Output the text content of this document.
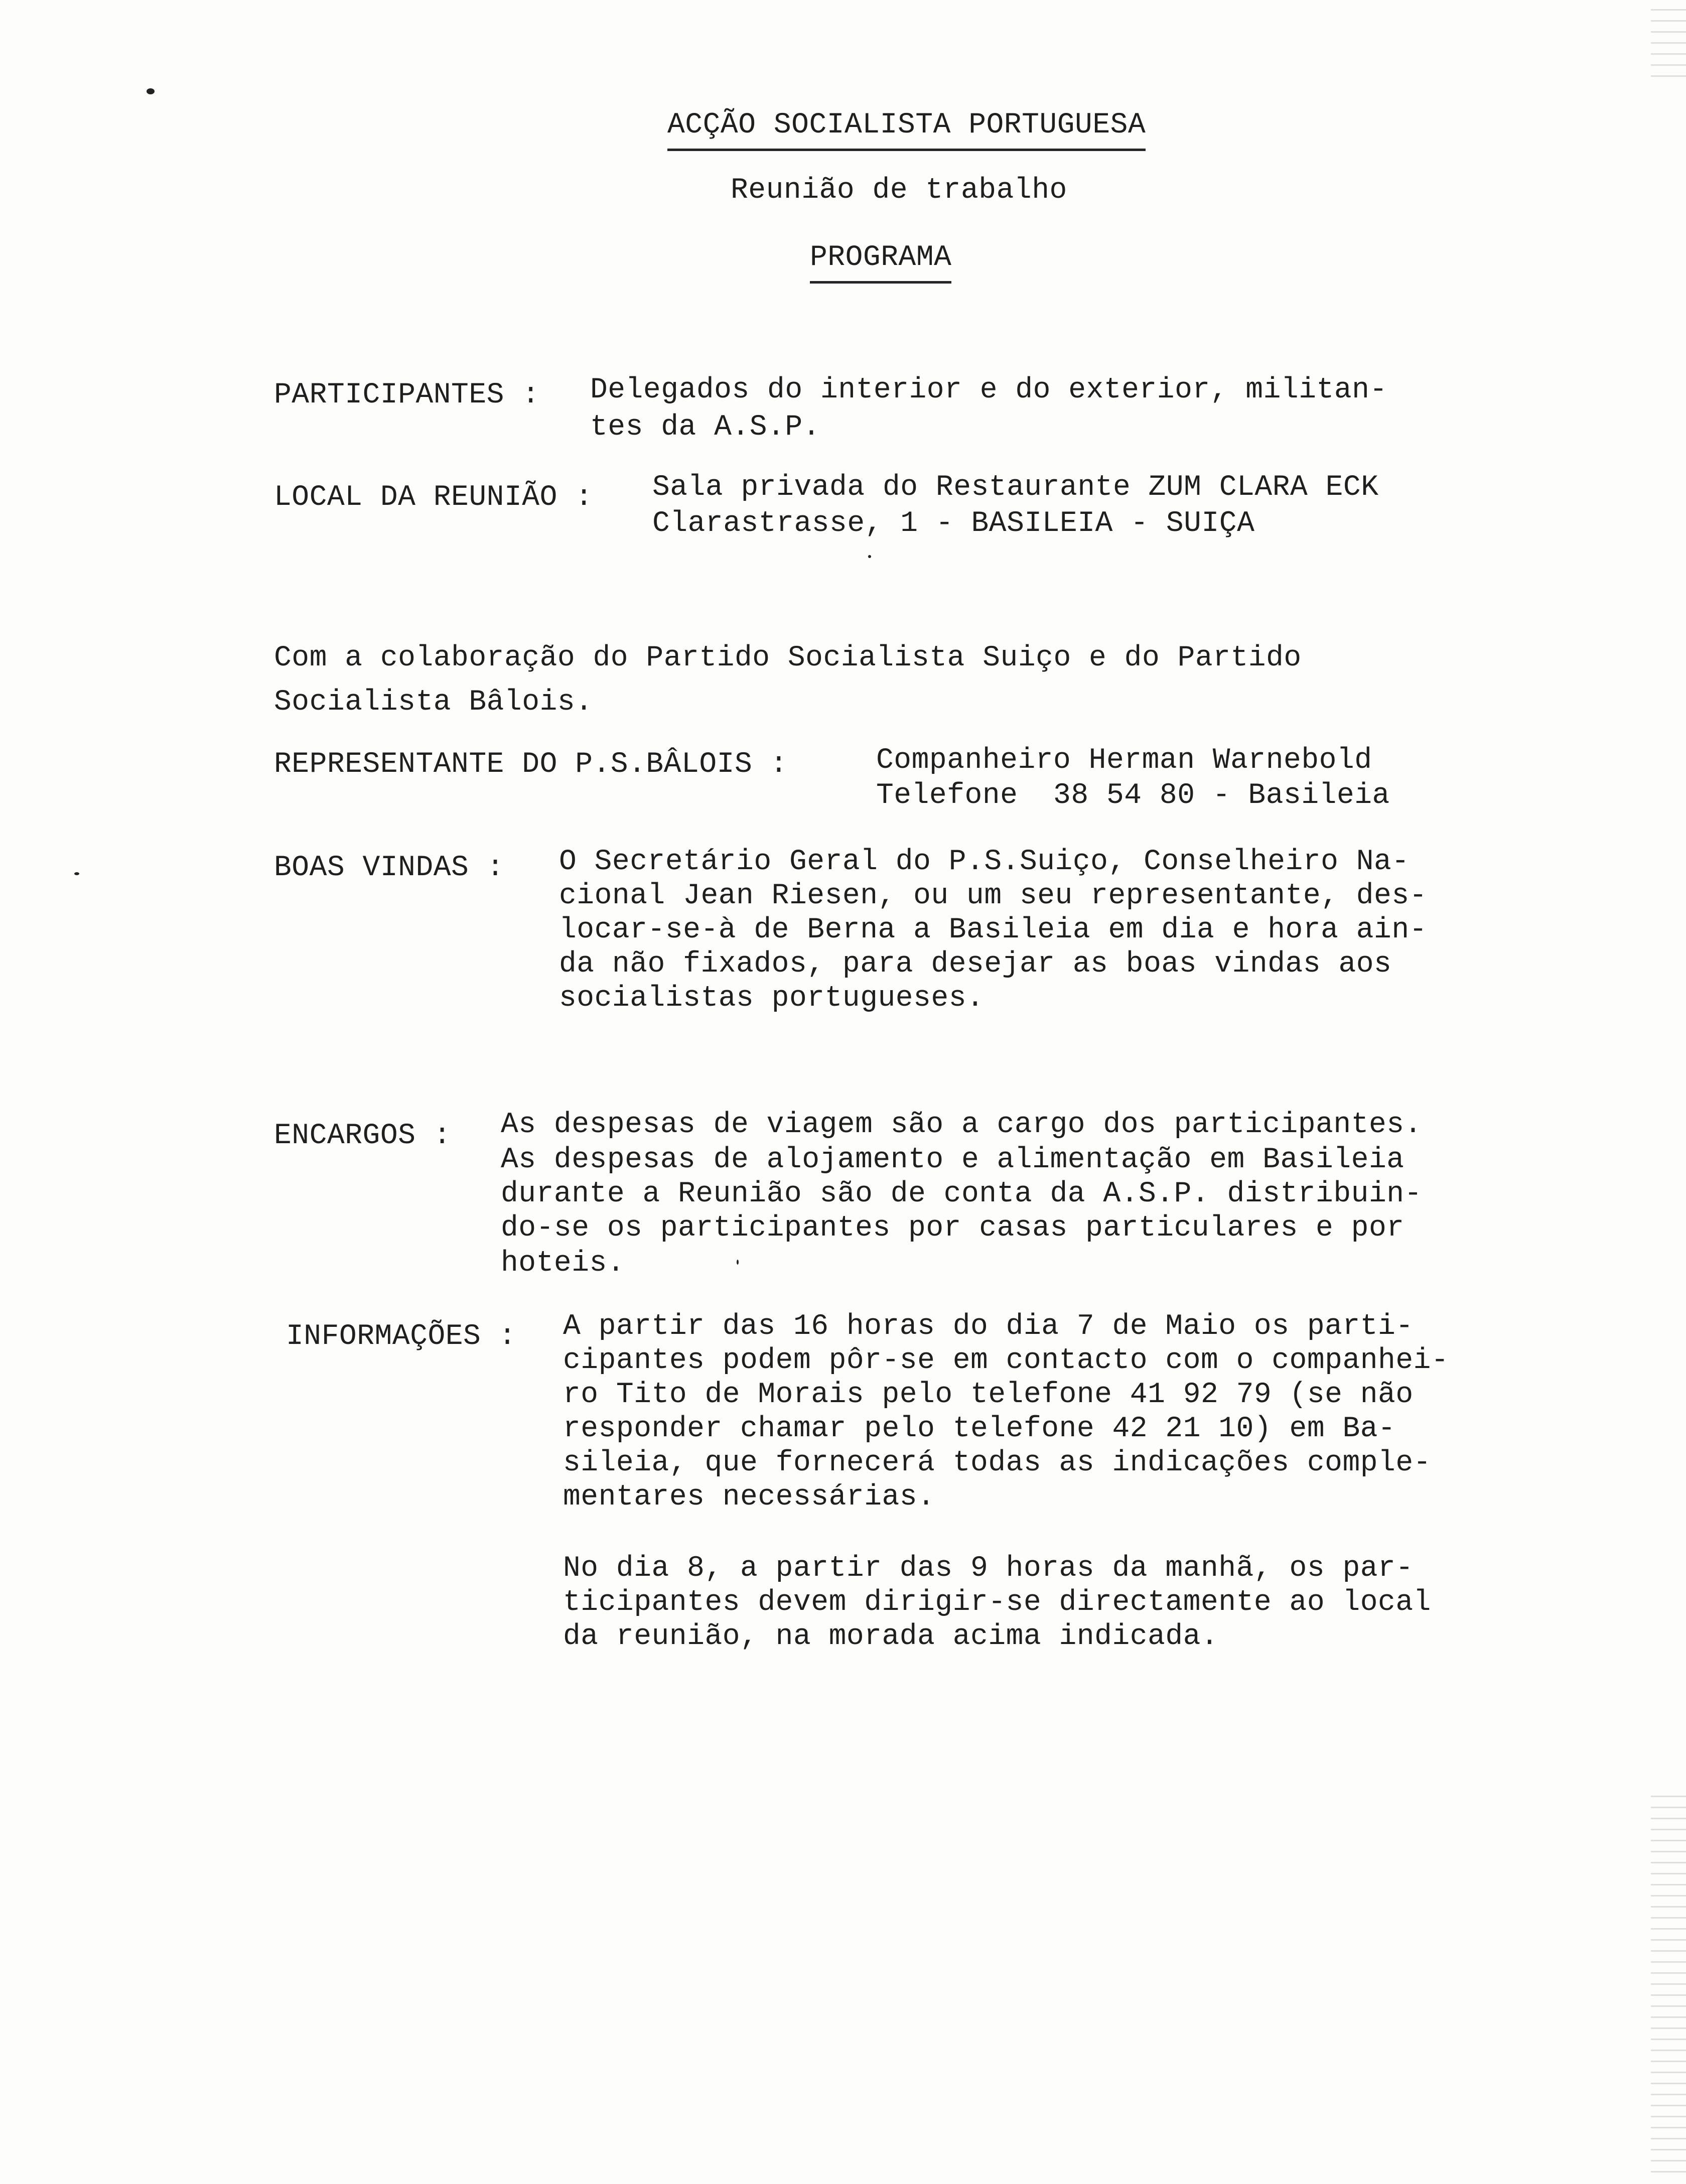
ACÇÃO SOCIALISTA PORTUGUESA
Reunião de trabalho
PROGRAMA
PARTICIPANTES : Delegados do interior e do exterior, militan-
tes da A.S.P.
LOCAL DA REUNIÃO : Sala privada do Restaurante ZUM CLARA ECK
Clarastrasse, 1 - BASILEIA - SUIÇA
Com a colaboração do Partido Socialista Suiço e do Partido
Socialista Bâlois.
REPRESENTANTE DO P.S.BÂLOIS :	Companheiro Herman Warnebold
Telefone  38 54 80 - Basileia
BOAS VINDAS : O Secretário Geral do P.S.Suiço, Conselheiro Na-
cional Jean Riesen, ou um seu representante, des-
locar-se-à de Berna a Basileia em dia e hora ain-
da não fixados, para desejar as boas vindas aos
socialistas portugueses.
ENCARGOS : As despesas de viagem são a cargo dos participantes.
As despesas de alojamento e alimentação em Basileia
durante a Reunião são de conta da A.S.P. distribuin-
do-se os participantes por casas particulares e por
hoteis.
INFORMAÇÕES : A partir das 16 horas do dia 7 de Maio os parti-
cipantes podem pôr-se em contacto com o companhei-
ro Tito de Morais pelo telefone 41 92 79 (se não
responder chamar pelo telefone 42 21 10) em Ba-
sileia, que fornecerá todas as indicações comple-
mentares necessárias.
No dia 8, a partir das 9 horas da manhã, os par-
ticipantes devem dirigir-se directamente ao local
da reunião, na morada acima indicada.
